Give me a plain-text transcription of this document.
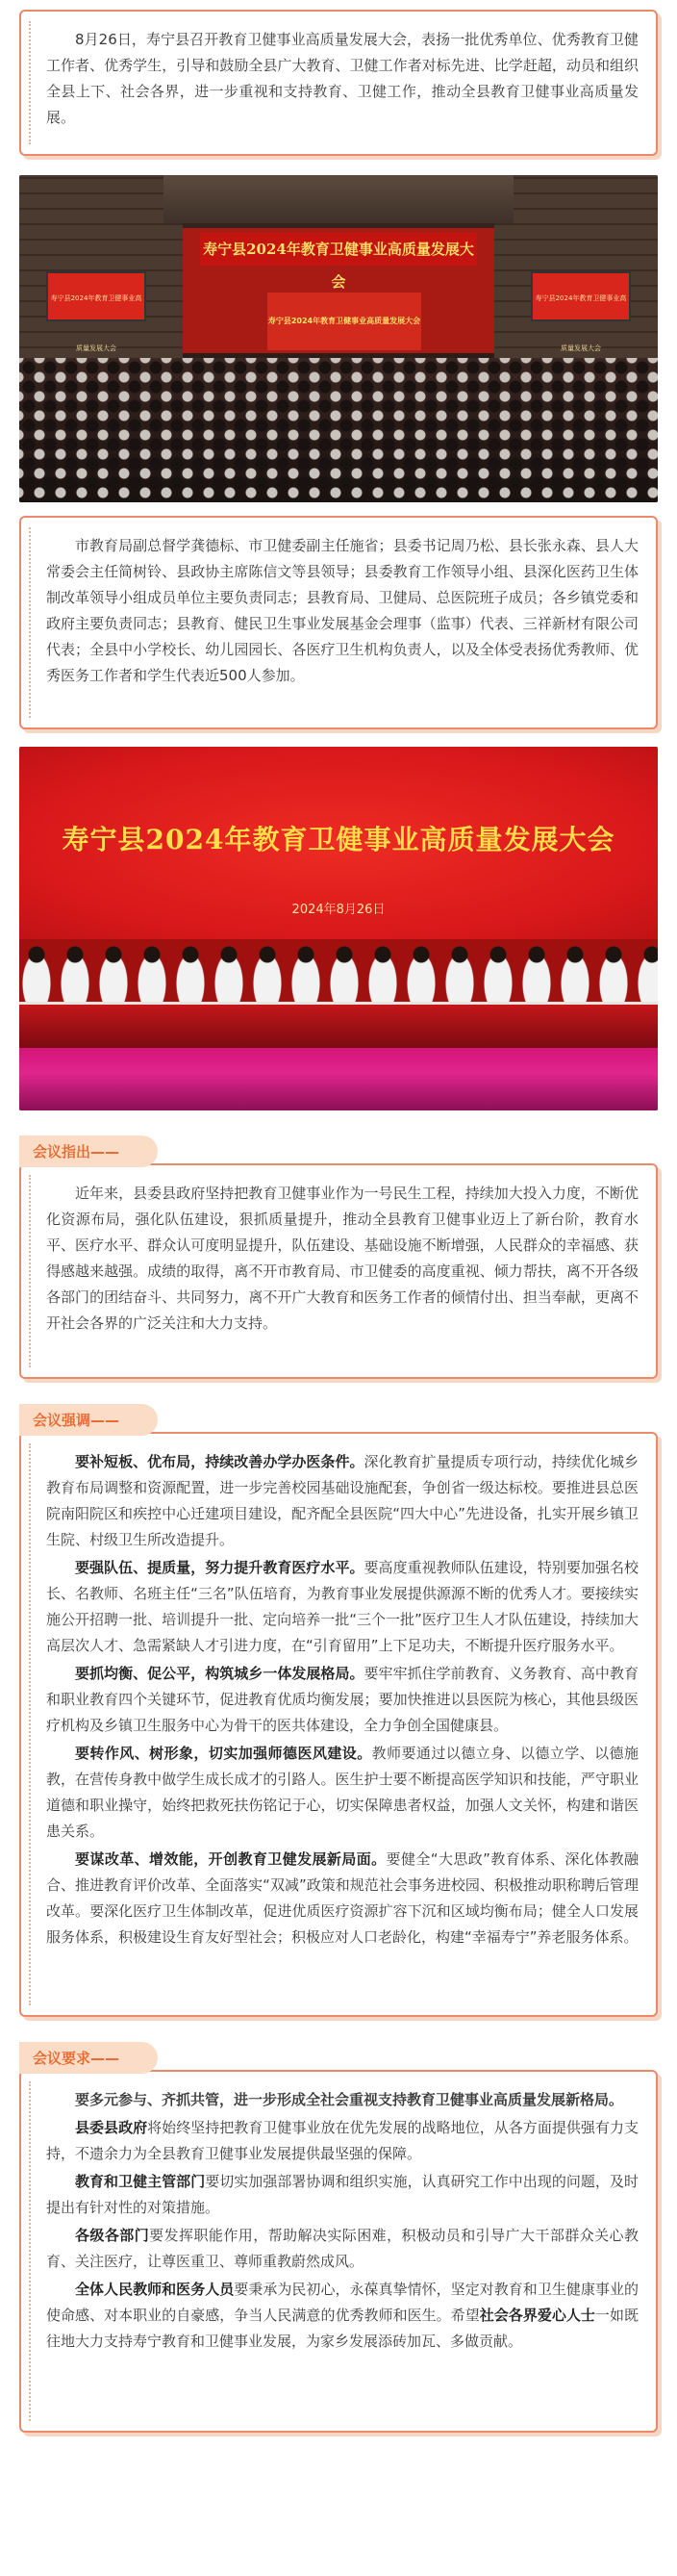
8月26日，寿宁县召开教育卫健事业高质量发展大会，表扬一批优秀单位、优秀教育卫健工作者、优秀学生，引导和鼓励全县广大教育、卫健工作者对标先进、比学赶超，动员和组织全县上下、社会各界，进一步重视和支持教育、卫健工作，推动全县教育卫健事业高质量发展。

寿宁县2024年教育卫健事业高质量发展大会
寿宁县2024年教育卫健事业高质量发展大会
寿宁县2024年教育卫健事业高质量发展大会
寿宁县2024年教育卫健事业高质量发展大会

市教育局副总督学龚德标、市卫健委副主任施省；县委书记周乃松、县长张永森、县人大常委会主任简树铃、县政协主席陈信文等县领导；县委教育工作领导小组、县深化医药卫生体制改革领导小组成员单位主要负责同志；县教育局、卫健局、总医院班子成员；各乡镇党委和政府主要负责同志；县教育、健民卫生事业发展基金会理事（监事）代表、三祥新材有限公司代表；全县中小学校长、幼儿园园长、各医疗卫生机构负责人，以及全体受表扬优秀教师、优秀医务工作者和学生代表近500人参加。

寿宁县2024年教育卫健事业高质量发展大会
2024年8月26日
会议指出——

近年来，县委县政府坚持把教育卫健事业作为一号民生工程，持续加大投入力度，不断优化资源布局，强化队伍建设，狠抓质量提升，推动全县教育卫健事业迈上了新台阶，教育水平、医疗水平、群众认可度明显提升，队伍建设、基础设施不断增强，人民群众的幸福感、获得感越来越强。成绩的取得，离不开市教育局、市卫健委的高度重视、倾力帮扶，离不开各级各部门的团结奋斗、共同努力，离不开广大教育和医务工作者的倾情付出、担当奉献，更离不开社会各界的广泛关注和大力支持。

会议强调——

要补短板、优布局，持续改善办学办医条件。深化教育扩量提质专项行动，持续优化城乡教育布局调整和资源配置，进一步完善校园基础设施配套，争创省一级达标校。要推进县总医院南阳院区和疾控中心迁建项目建设，配齐配全县医院“四大中心”先进设备，扎实开展乡镇卫生院、村级卫生所改造提升。

要强队伍、提质量，努力提升教育医疗水平。要高度重视教师队伍建设，特别要加强名校长、名教师、名班主任“三名”队伍培育，为教育事业发展提供源源不断的优秀人才。要接续实施公开招聘一批、培训提升一批、定向培养一批“三个一批”医疗卫生人才队伍建设，持续加大高层次人才、急需紧缺人才引进力度，在“引育留用”上下足功夫，不断提升医疗服务水平。

要抓均衡、促公平，构筑城乡一体发展格局。要牢牢抓住学前教育、义务教育、高中教育和职业教育四个关键环节，促进教育优质均衡发展；要加快推进以县医院为核心，其他县级医疗机构及乡镇卫生服务中心为骨干的医共体建设，全力争创全国健康县。

要转作风、树形象，切实加强师德医风建设。教师要通过以德立身、以德立学、以德施教，在营传身教中做学生成长成才的引路人。医生护士要不断提高医学知识和技能，严守职业道德和职业操守，始终把救死扶伤铭记于心，切实保障患者权益，加强人文关怀，构建和谐医患关系。

要谋改革、增效能，开创教育卫健发展新局面。要健全“大思政”教育体系、深化体教融合、推进教育评价改革、全面落实“双减”政策和规范社会事务进校园、积极推动职称聘后管理改革。要深化医疗卫生体制改革，促进优质医疗资源扩容下沉和区域均衡布局；健全人口发展服务体系，积极建设生育友好型社会；积极应对人口老龄化，构建“幸福寿宁”养老服务体系。

会议要求——

要多元参与、齐抓共管，进一步形成全社会重视支持教育卫健事业高质量发展新格局。

县委县政府将始终坚持把教育卫健事业放在优先发展的战略地位，从各方面提供强有力支持，不遗余力为全县教育卫健事业发展提供最坚强的保障。

教育和卫健主管部门要切实加强部署协调和组织实施，认真研究工作中出现的问题，及时提出有针对性的对策措施。

各级各部门要发挥职能作用，帮助解决实际困难，积极动员和引导广大干部群众关心教育、关注医疗，让尊医重卫、尊师重教蔚然成风。

全体人民教师和医务人员要秉承为民初心，永葆真挚情怀，坚定对教育和卫生健康事业的使命感、对本职业的自豪感，争当人民满意的优秀教师和医生。希望社会各界爱心人士一如既往地大力支持寿宁教育和卫健事业发展，为家乡发展添砖加瓦、多做贡献。
